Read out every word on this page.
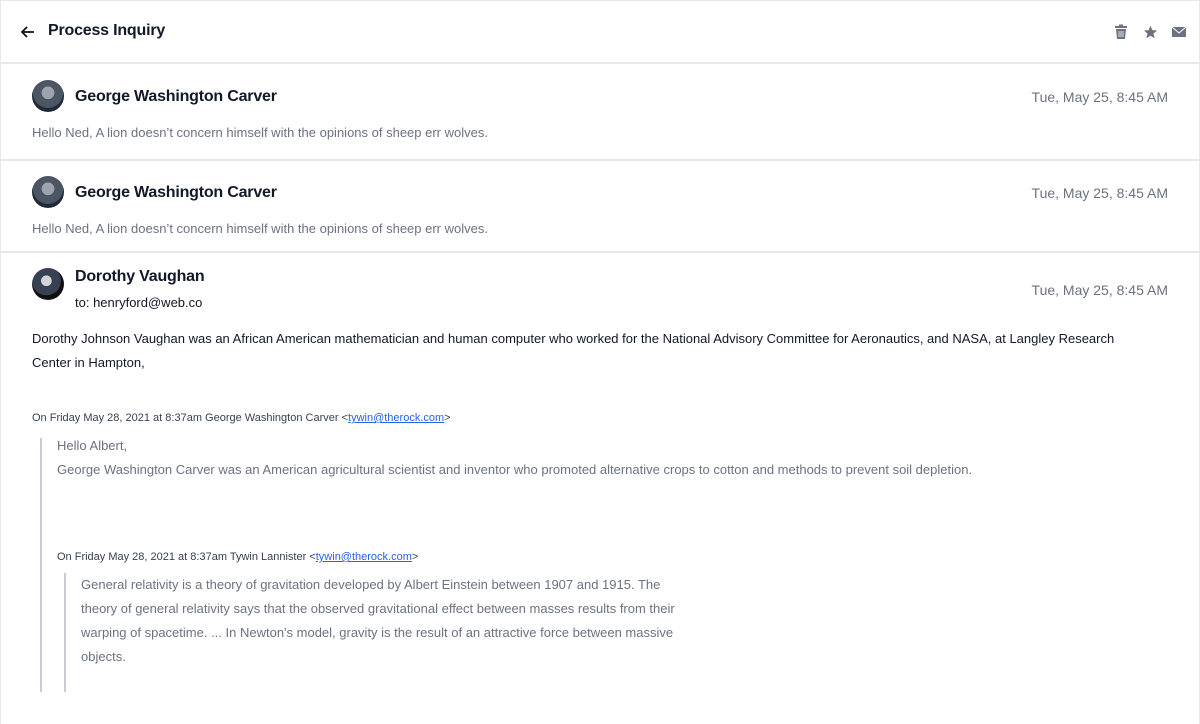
Process Inquiry
George Washington Carver	Tue, May 25, 8:45 AM
Hello Ned, A lion doesn’t concern himself with the opinions of sheep err wolves.
George Washington Carver	Tue, May 25, 8:45 AM
Hello Ned, A lion doesn’t concern himself with the opinions of sheep err wolves.
Dorothy Vaughan
to: henryford@web.co
Tue, May 25, 8:45 AM
Dorothy Johnson Vaughan was an African American mathematician and human computer who worked for the National Advisory Committee for Aeronautics, and NASA, at Langley Research Center in Hampton,
On Friday May 28, 2021 at 8:37am George Washington Carver <tywin@therock.com>
Hello Albert,
George Washington Carver was an American agricultural scientist and inventor who promoted alternative crops to cotton and methods to prevent soil depletion.
On Friday May 28, 2021 at 8:37am Tywin Lannister <tywin@therock.com>
General relativity is a theory of gravitation developed by Albert Einstein between 1907 and 1915. The theory of general relativity says that the observed gravitational effect between masses results from their warping of spacetime. ... In Newton's model, gravity is the result of an attractive force between massive objects.
